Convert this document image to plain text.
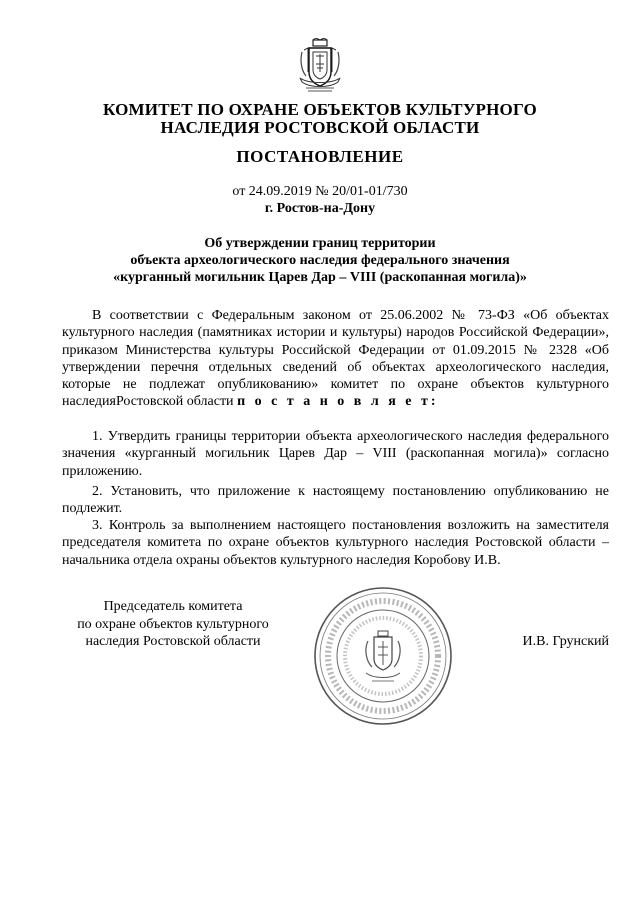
КОМИТЕТ ПО ОХРАНЕ ОБЪЕКТОВ КУЛЬТУРНОГО
НАСЛЕДИЯ РОСТОВСКОЙ ОБЛАСТИ
ПОСТАНОВЛЕНИЕ
от 24.09.2019 № 20/01-01/730
г. Ростов-на-Дону
Об утверждении границ территории
объекта археологического наследия федерального значения
«курганный могильник Царев Дар – VIII (раскопанная могила)»
В соответствии с Федеральным законом от 25.06.2002 № 73-ФЗ «Об объектах культурного наследия (памятниках истории и культуры) народов Российской Федерации», приказом Министерства культуры Российской Федерации от 01.09.2015 № 2328 «Об утверждении перечня отдельных сведений об объектах археологического наследия, которые не подлежат опубликованию» комитет по охране объектов культурного наследияРостовской области п о с т а н о в л я е т:
1. Утвердить границы территории объекта археологического наследия федерального значения «курганный могильник Царев Дар – VIII (раскопанная могила)» согласно приложению.
2. Установить, что приложение к настоящему постановлению опубликованию не подлежит.
3. Контроль за выполнением настоящего постановления возложить на заместителя председателя комитета по охране объектов культурного наследия Ростовской области – начальника отдела охраны объектов культурного наследия Коробову И.В.
Председатель комитета
по охране объектов культурного
наследия Ростовской области	И.В. Грунский
